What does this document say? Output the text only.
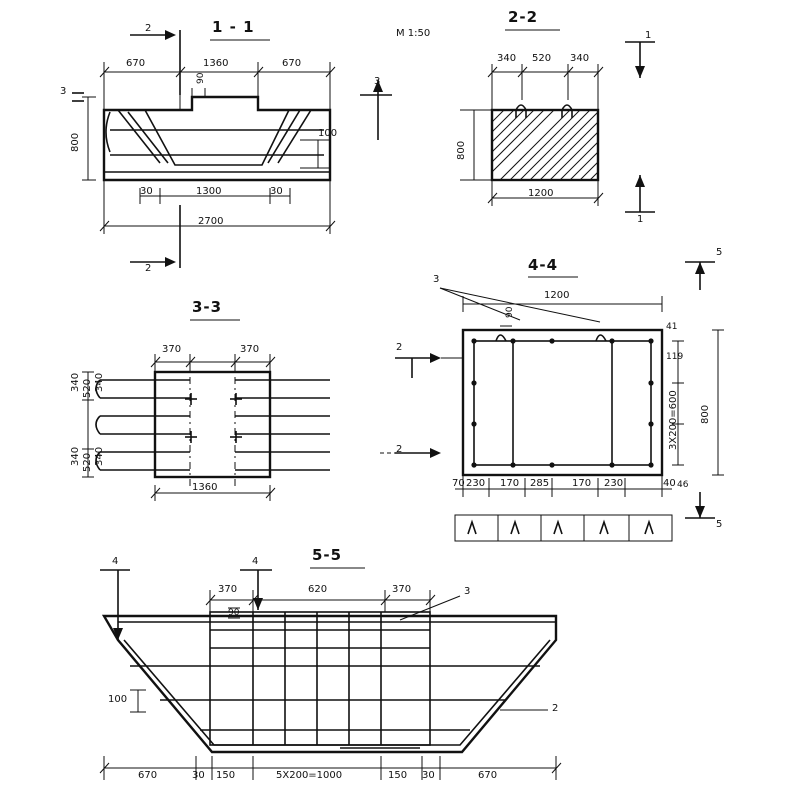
1 - 1
2
2
3
3
670	1360	670
800	100
90
30	1300	30
2700
M 1:50
2-2
1
1
340 520 340
800
1200
3-3
370	370
1360
340 520 340
340 520 340
4-4
3
2
2
5
5
1200
90
800
3X200=600
70 230 170 285 170 230	40 46
41
119
5-5
4	4
3
2
370	620	370
90
100
670	30 150	5X200=1000	150 30	670
